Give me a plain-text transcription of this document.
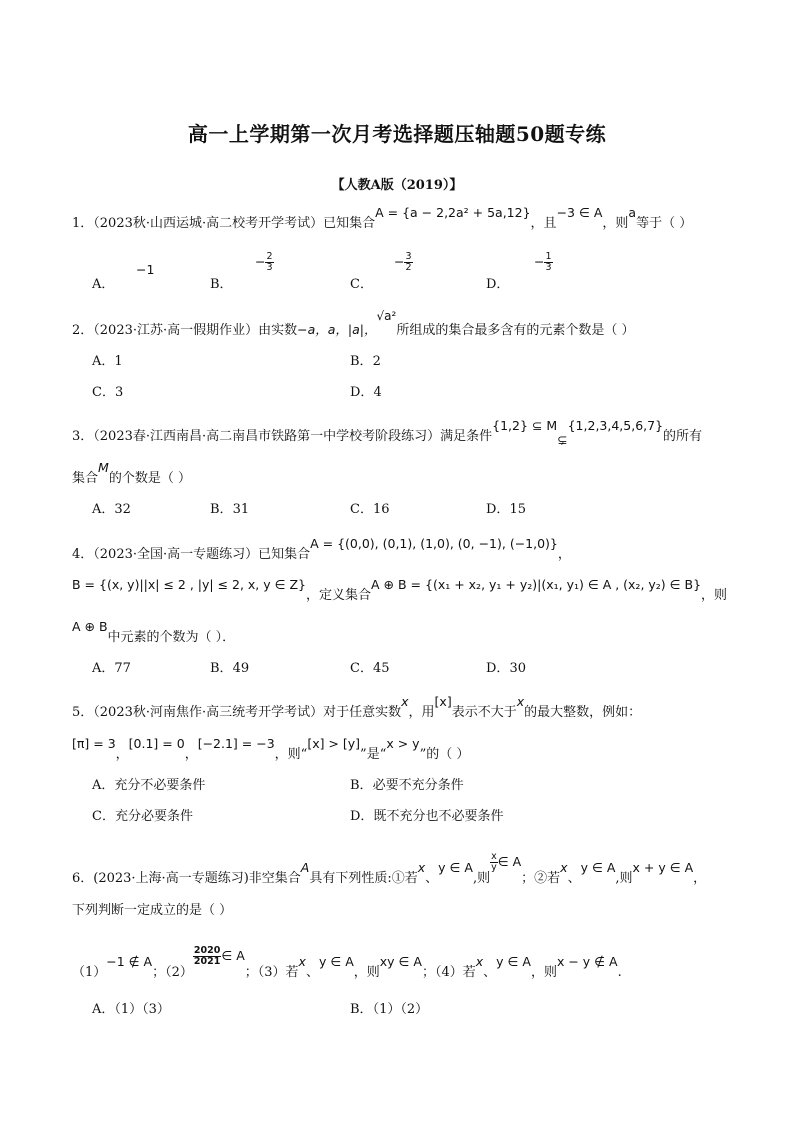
高一上学期第一次月考选择题压轴题50题专练
【人教A版（2019）】
1．（2023秋·山西运城·高二校考开学考试）已知集合A = {a − 2,2a² + 5a,12}，且−3 ∈ A，则a等于（ ）
A．
−1
B．
− $\frac{2}{3}$
C．
− $\frac{3}{2}$
D．
− $\frac{1}{3}$
2．（2023·江苏·高一假期作业）由实数−a，a，|a|，√a²所组成的集合最多含有的元素个数是（ ）
A．1	B．2
C．3	D．4
3．（2023春·江西南昌·高二南昌市铁路第一中学校考阶段练习）满足条件{1,2} ⊆ M⊊{1,2,3,4,5,6,7}的所有
集合M的个数是（ ）
A．32	B．31	C．16	D．15
4．（2023·全国·高一专题练习）已知集合A = {(0,0), (0,1), (1,0), (0, −1), (−1,0)}，
B = {(x, y)||x| ≤ 2 , |y| ≤ 2, x, y ∈ Z}，定义集合A ⊕ B = {(x₁ + x₂, y₁ + y₂)|(x₁, y₁) ∈ A , (x₂, y₂) ∈ B}，则
A ⊕ B中元素的个数为（ ）．
A．77	B．49	C．45	D．30
5．（2023秋·河南焦作·高三统考开学考试）对于任意实数x，用[x]表示不大于x的最大整数，例如：
[π] = 3，[0.1] = 0，[−2.1] = −3，则“[x] > [y]”是“x > y”的（ ）
A．充分不必要条件	B．必要不充分条件
C．充分必要条件	D．既不充分也不必要条件
6．(2023·上海·高一专题练习)非空集合A具有下列性质:①若x、y ∈ A,则
$\frac{x}{y}$ ∈ A；②若x、y ∈ A,则x + y ∈ A，
下列判断一定成立的是（ ）
（1）−1 ∉ A；（2）
$\frac{2020}{2021}$ ∈ A；（3）若x、y ∈ A，则xy ∈ A；（4）若x、y ∈ A，则x − y ∉ A.
A．（1）（3）	B．（1）（2）
